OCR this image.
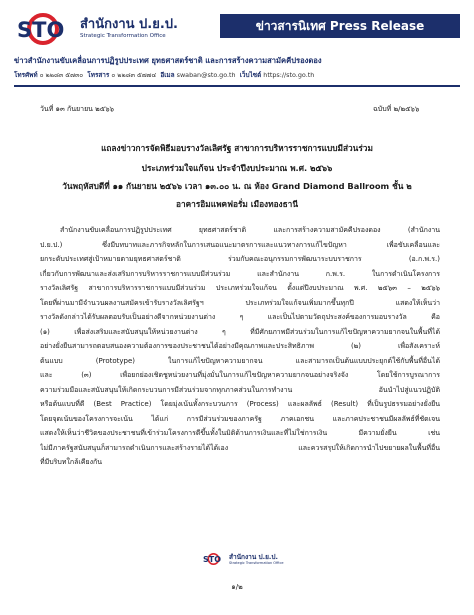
STO สำนักงาน ป.ย.ป.
Strategic Transformation Office
ข่าวสารนิเทศ Press Release
ข่าวสำนักงานขับเคลื่อนการปฏิรูปประเทศ ยุทธศาสตร์ชาติ และการสร้างความสามัคคีปรองดอง
โทรศัพท์ ๐ ๒๒๘๓ ๕๗๓๐ โทรสาร ๐ ๒๒๘๓ ๕๗๗๔ อีเมล swaban@sto.go.th เว็บไซต์ https://sto.go.th
วันที่ ๑๓ กันยายน ๒๕๖๖	ฉบับที่ ๒/๒๕๖๖
แถลงข่าวการจัดพิธีมอบรางวัลเลิศรัฐ สาขาการบริหารราชการแบบมีส่วนร่วม
ประเภทร่วมใจแก้จน ประจำปีงบประมาณ พ.ศ. ๒๕๖๖
วันพฤหัสบดีที่ ๑๑ กันยายน ๒๕๖๖ เวลา ๑๓.๐๐ น. ณ ห้อง Grand Diamond Ballroom ชั้น ๒
อาคารอิมแพคฟอรั่ม เมืองทองธานี
สำนักงานขับเคลื่อนการปฏิรูปประเทศ ยุทธศาสตร์ชาติ และการสร้างความสามัคคีปรองดอง (สำนักงาน
ป.ย.ป.) ซึ่งมีบทบาทและภารกิจหลักในการเสนอแนะมาตรการและแนวทางการแก้ไขปัญหา เพื่อขับเคลื่อนและ
ยกระดับประเทศสู่เป้าหมายตามยุทธศาสตร์ชาติ ร่วมกับคณะอนุกรรมการพัฒนาระบบราชการ (อ.ก.พ.ร.)
เกี่ยวกับการพัฒนาและส่งเสริมการบริหารราชการแบบมีส่วนร่วม และสำนักงาน ก.พ.ร. ในการดำเนินโครงการ
รางวัลเลิศรัฐ สาขาการบริหารราชการแบบมีส่วนร่วม ประเภทร่วมใจแก้จน ตั้งแต่ปีงบประมาณ พ.ศ. ๒๕๖๓ – ๒๕๖๖
โดยที่ผ่านมามีจำนวนผลงานสมัครเข้ารับรางวัลเลิศรัฐฯ ประเภทร่วมใจแก้จนเพิ่มมากขึ้นทุกปี แสดงให้เห็นว่า
รางวัลดังกล่าวได้รับผลตอบรับเป็นอย่างดีจากหน่วยงานต่าง ๆ และเป็นไปตามวัตถุประสงค์ของการมอบรางวัล คือ
(๑) เพื่อส่งเสริมและสนับสนุนให้หน่วยงานต่าง ๆ ที่มีศักยภาพมีส่วนร่วมในการแก้ไขปัญหาความยากจนในพื้นที่ได้
อย่างยั่งยืนสามารถตอบสนองความต้องการของประชาชนได้อย่างมีคุณภาพและประสิทธิภาพ (๒) เพื่อสังเคราะห์
ต้นแบบ (Prototype) ในการแก้ไขปัญหาความยากจน และสามารถเป็นต้นแบบประยุกต์ใช้กับพื้นที่อื่นได้
และ (๓) เพื่อยกย่องเชิดชูหน่วยงานที่มุ่งมั่นในการแก้ไขปัญหาความยากจนอย่างจริงจัง โดยใช้การบูรณาการ
ความร่วมมือและสนับสนุนให้เกิดกระบวนการมีส่วนร่วมจากทุกภาคส่วนในการทำงาน อันนำไปสู่แนวปฏิบัติ
หรือต้นแบบที่ดี (Best Practice) โดยมุ่งเน้นทั้งกระบวนการ (Process) และผลลัพธ์ (Result) ที่เป็นรูปธรรมอย่างยั่งยืน
โดยจุดเน้นของโครงการจะเน้น ได้แก่ การมีส่วนร่วมของภาครัฐ ภาคเอกชน และภาคประชาชนมีผลลัพธ์ที่ชัดเจน
แสดงให้เห็นว่าชีวิตของประชาชนที่เข้าร่วมโครงการดีขึ้นทั้งในมิติด้านการเงินและที่ไม่ใช่การเงิน มีความยั่งยืน เช่น
ไม่มีภาครัฐสนับสนุนก็สามารถดำเนินการและสร้างรายได้ได้เอง และควรสรุปให้เกิดการนำไปขยายผลในพื้นที่อื่น
ที่มีบริบทใกล้เคียงกัน
STO สำนักงาน ป.ย.ป.
Strategic Transformation Office
๑/๒
